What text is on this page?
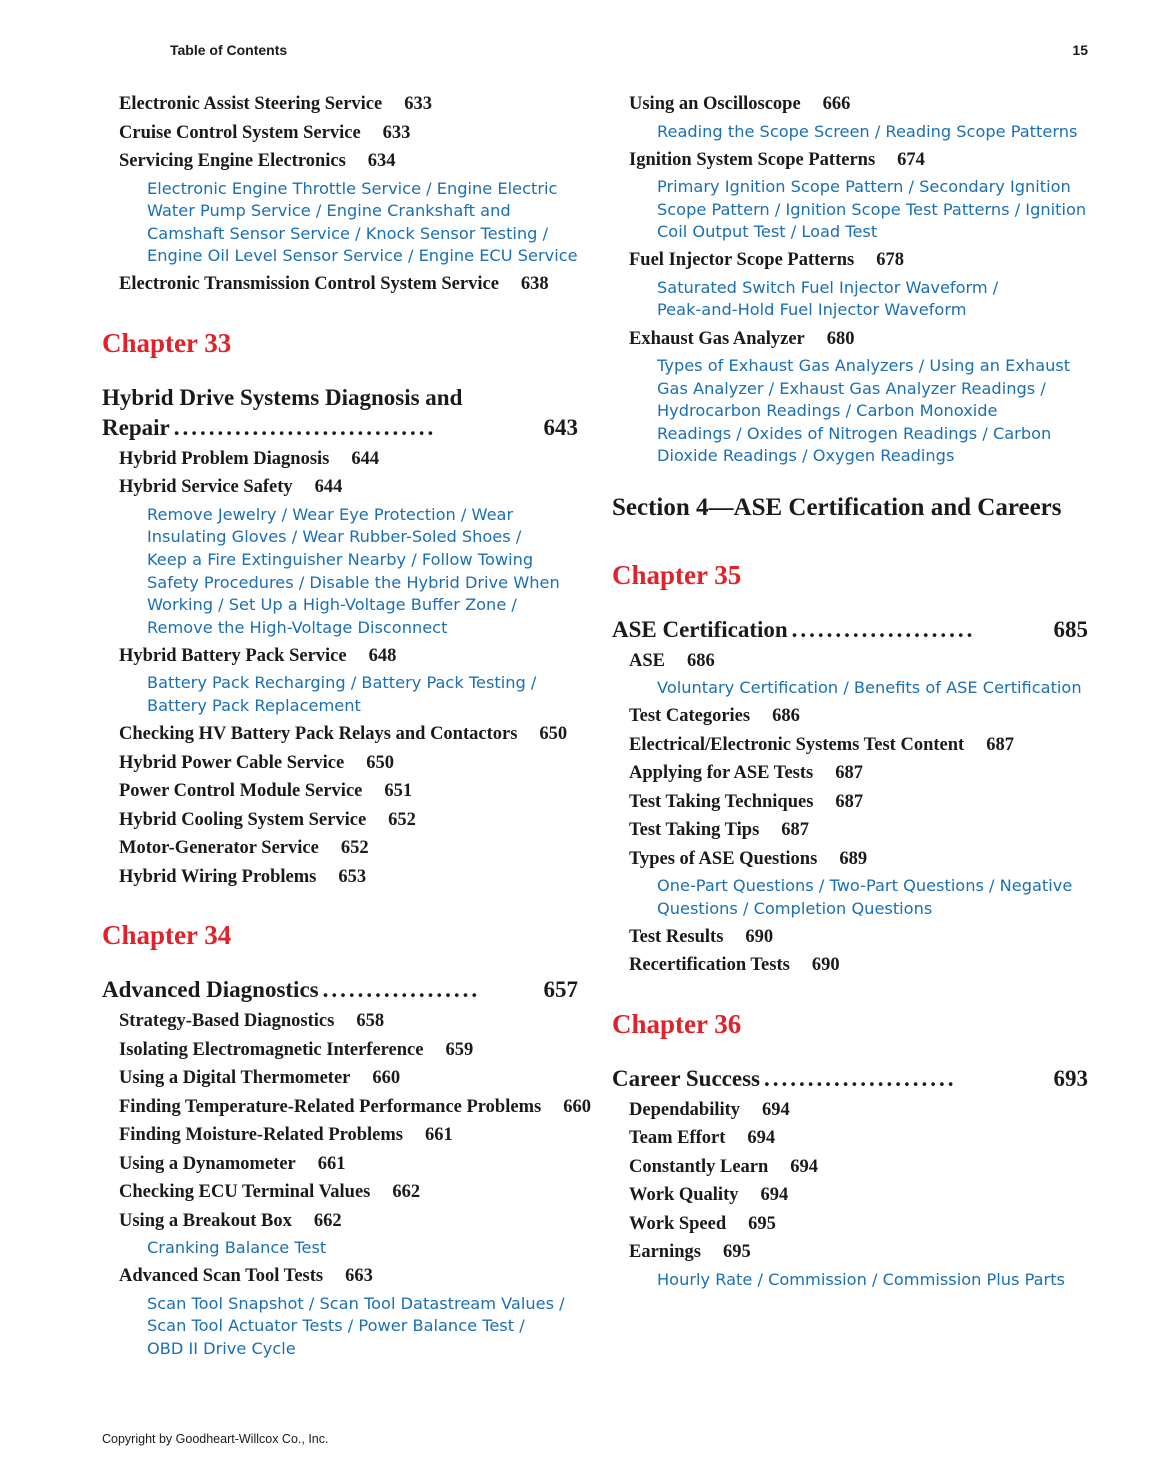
Table of Contents	15
Electronic Assist Steering Service 633
Cruise Control System Service 633
Servicing Engine Electronics 634
Electronic Engine Throttle Service / Engine Electric
Water Pump Service / Engine Crankshaft and
Camshaft Sensor Service / Knock Sensor Testing /
Engine Oil Level Sensor Service / Engine ECU Service
Electronic Transmission Control System Service 638
Chapter 33
Hybrid Drive Systems Diagnosis and
Repair ..............................	643
Hybrid Problem Diagnosis 644
Hybrid Service Safety 644
Remove Jewelry / Wear Eye Protection / Wear
Insulating Gloves / Wear Rubber-Soled Shoes /
Keep a Fire Extinguisher Nearby / Follow Towing
Safety Procedures / Disable the Hybrid Drive When
Working / Set Up a High-Voltage Buffer Zone /
Remove the High-Voltage Disconnect
Hybrid Battery Pack Service 648
Battery Pack Recharging / Battery Pack Testing /
Battery Pack Replacement
Checking HV Battery Pack Relays and Contactors 650
Hybrid Power Cable Service 650
Power Control Module Service 651
Hybrid Cooling System Service 652
Motor-Generator Service 652
Hybrid Wiring Problems 653
Chapter 34
Advanced Diagnostics ..................	657
Strategy-Based Diagnostics 658
Isolating Electromagnetic Interference 659
Using a Digital Thermometer 660
Finding Temperature-Related Performance Problems 660
Finding Moisture-Related Problems 661
Using a Dynamometer 661
Checking ECU Terminal Values 662
Using a Breakout Box 662
Cranking Balance Test
Advanced Scan Tool Tests 663
Scan Tool Snapshot / Scan Tool Datastream Values /
Scan Tool Actuator Tests / Power Balance Test /
OBD II Drive Cycle
Using an Oscilloscope 666
Reading the Scope Screen / Reading Scope Patterns
Ignition System Scope Patterns 674
Primary Ignition Scope Pattern / Secondary Ignition
Scope Pattern / Ignition Scope Test Patterns / Ignition
Coil Output Test / Load Test
Fuel Injector Scope Patterns 678
Saturated Switch Fuel Injector Waveform /
Peak-and-Hold Fuel Injector Waveform
Exhaust Gas Analyzer 680
Types of Exhaust Gas Analyzers / Using an Exhaust
Gas Analyzer / Exhaust Gas Analyzer Readings /
Hydrocarbon Readings / Carbon Monoxide
Readings / Oxides of Nitrogen Readings / Carbon
Dioxide Readings / Oxygen Readings
Section 4—ASE Certification and Careers
Chapter 35
ASE Certification .....................	685
ASE 686
Voluntary Certification / Benefits of ASE Certification
Test Categories 686
Electrical/Electronic Systems Test Content 687
Applying for ASE Tests 687
Test Taking Techniques 687
Test Taking Tips 687
Types of ASE Questions 689
One-Part Questions / Two-Part Questions / Negative
Questions / Completion Questions
Test Results 690
Recertification Tests 690
Chapter 36
Career Success ......................	693
Dependability 694
Team Effort 694
Constantly Learn 694
Work Quality 694
Work Speed 695
Earnings 695
Hourly Rate / Commission / Commission Plus Parts
Copyright by Goodheart-Willcox Co., Inc.
